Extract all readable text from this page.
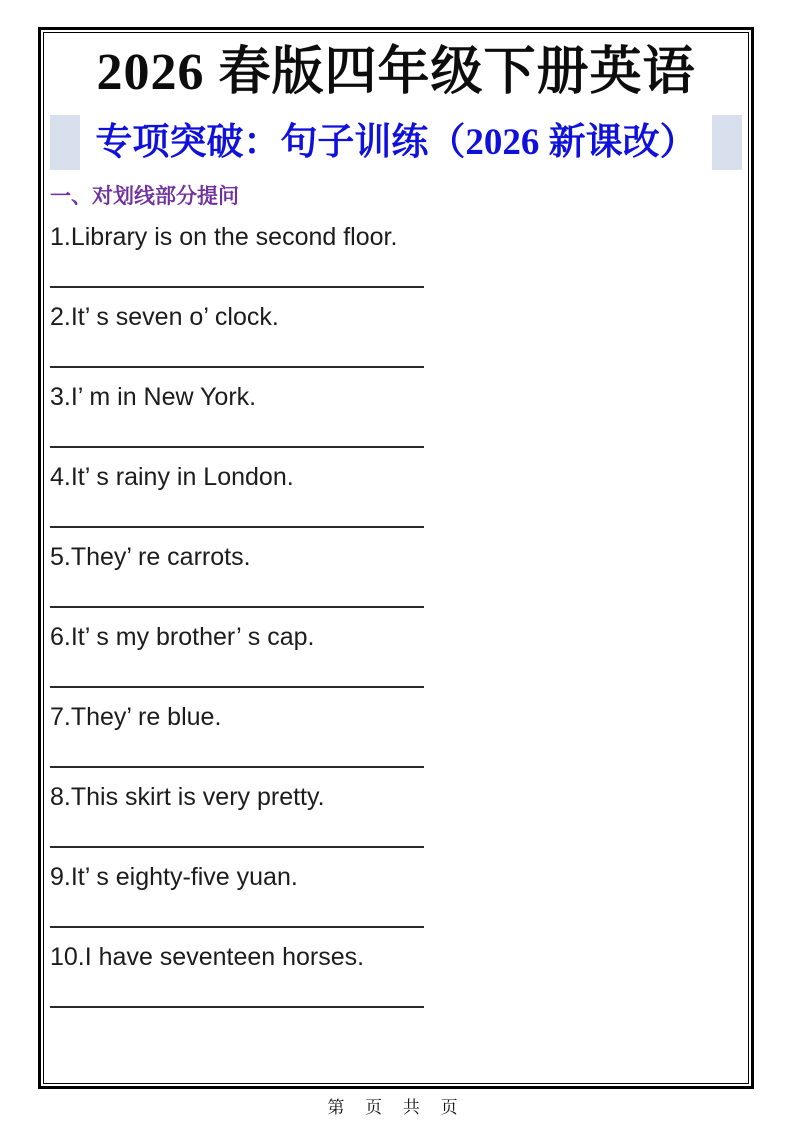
2026 春版四年级下册英语
专项突破：句子训练（2026 新课改）
一、对划线部分提问
1.Library is on the second floor.
2.It’ s seven o’ clock.
3.I’ m in New York.
4.It’ s rainy in London.
5.They’ re carrots.
6.It’ s my brother’ s cap.
7.They’ re blue.
8.This skirt is very pretty.
9.It’ s eighty-five yuan.
10.I have seventeen horses.
第 页 共 页
